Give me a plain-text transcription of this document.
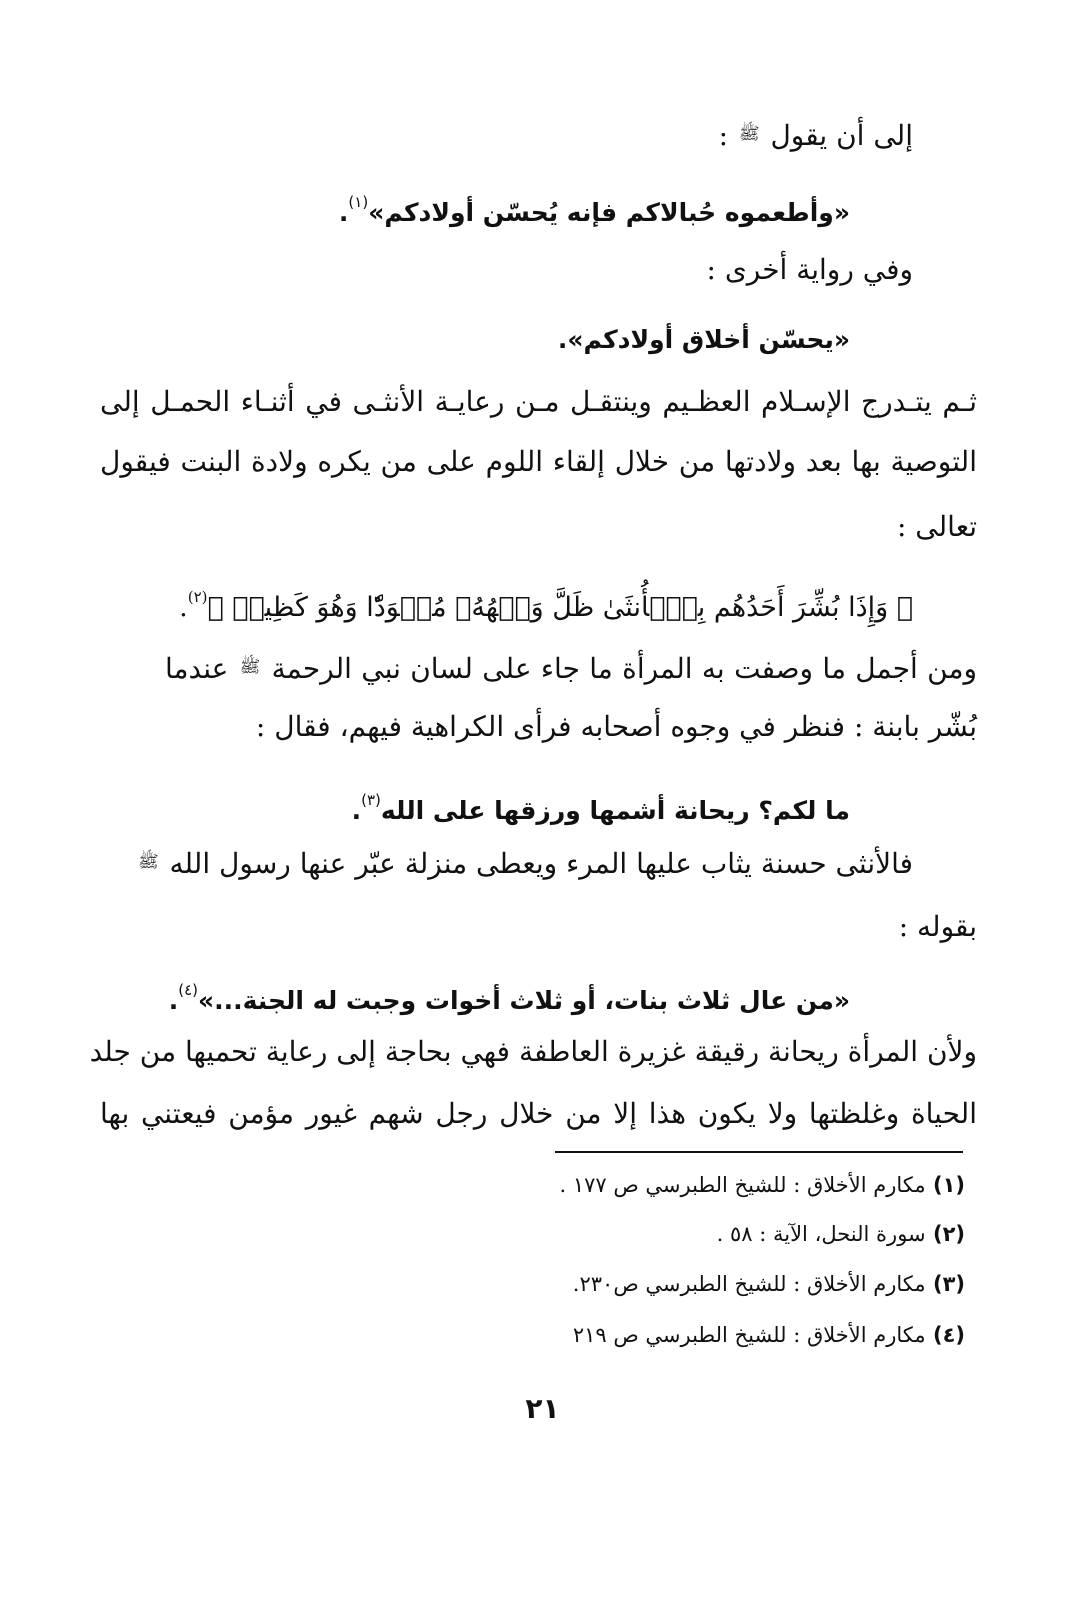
إلى أن يقول $^ﷺ$ :
«وأطعموه حُبالاكم فإنه يُحسّن أولادكم»$^{(١)}$.
وفي رواية أخرى :
«يحسّن أخلاق أولادكم».
ثـم يتـدرج الإسـلام العظـيم وينتقـل مـن رعايـة الأنثـى في أثنـاء الحمـل إلى
التوصية بها بعد ولادتها من خلال إلقاء اللوم على من يكره ولادة البنت فيقول
تعالى :
﴿ وَإِذَا بُشِّرَ أَحَدُهُم بِٱلۡأُنثَىٰ ظَلَّ وَجۡهُهُۥ مُسۡوَدّٗا وَهُوَ كَظِيمٞ ﴾$^{(٢)}$.
ومن أجمل ما وصفت به المرأة ما جاء على لسان نبي الرحمة $^ﷺ$ عندما
بُشّر بابنة : فنظر في وجوه أصحابه فرأى الكراهية فيهم، فقال :
ما لكم؟ ريحانة أشمها ورزقها على الله$^{(٣)}$.
فالأنثى حسنة يثاب عليها المرء ويعطى منزلة عبّر عنها رسول الله $^ﷺ$
بقوله :
«من عال ثلاث بنات، أو ثلاث أخوات وجبت له الجنة...»$^{(٤)}$.
ولأن المرأة ريحانة رقيقة غزيرة العاطفة فهي بحاجة إلى رعاية تحميها من جلد
الحياة وغلظتها ولا يكون هذا إلا من خلال رجل شهم غيور مؤمن فيعتني بها
(١) مكارم الأخلاق : للشيخ الطبرسي ص ١٧٧ .
(٢) سورة النحل، الآية : ٥٨ .
(٣) مكارم الأخلاق : للشيخ الطبرسي ص٢٣٠.
(٤) مكارم الأخلاق : للشيخ الطبرسي ص ٢١٩
٢١
